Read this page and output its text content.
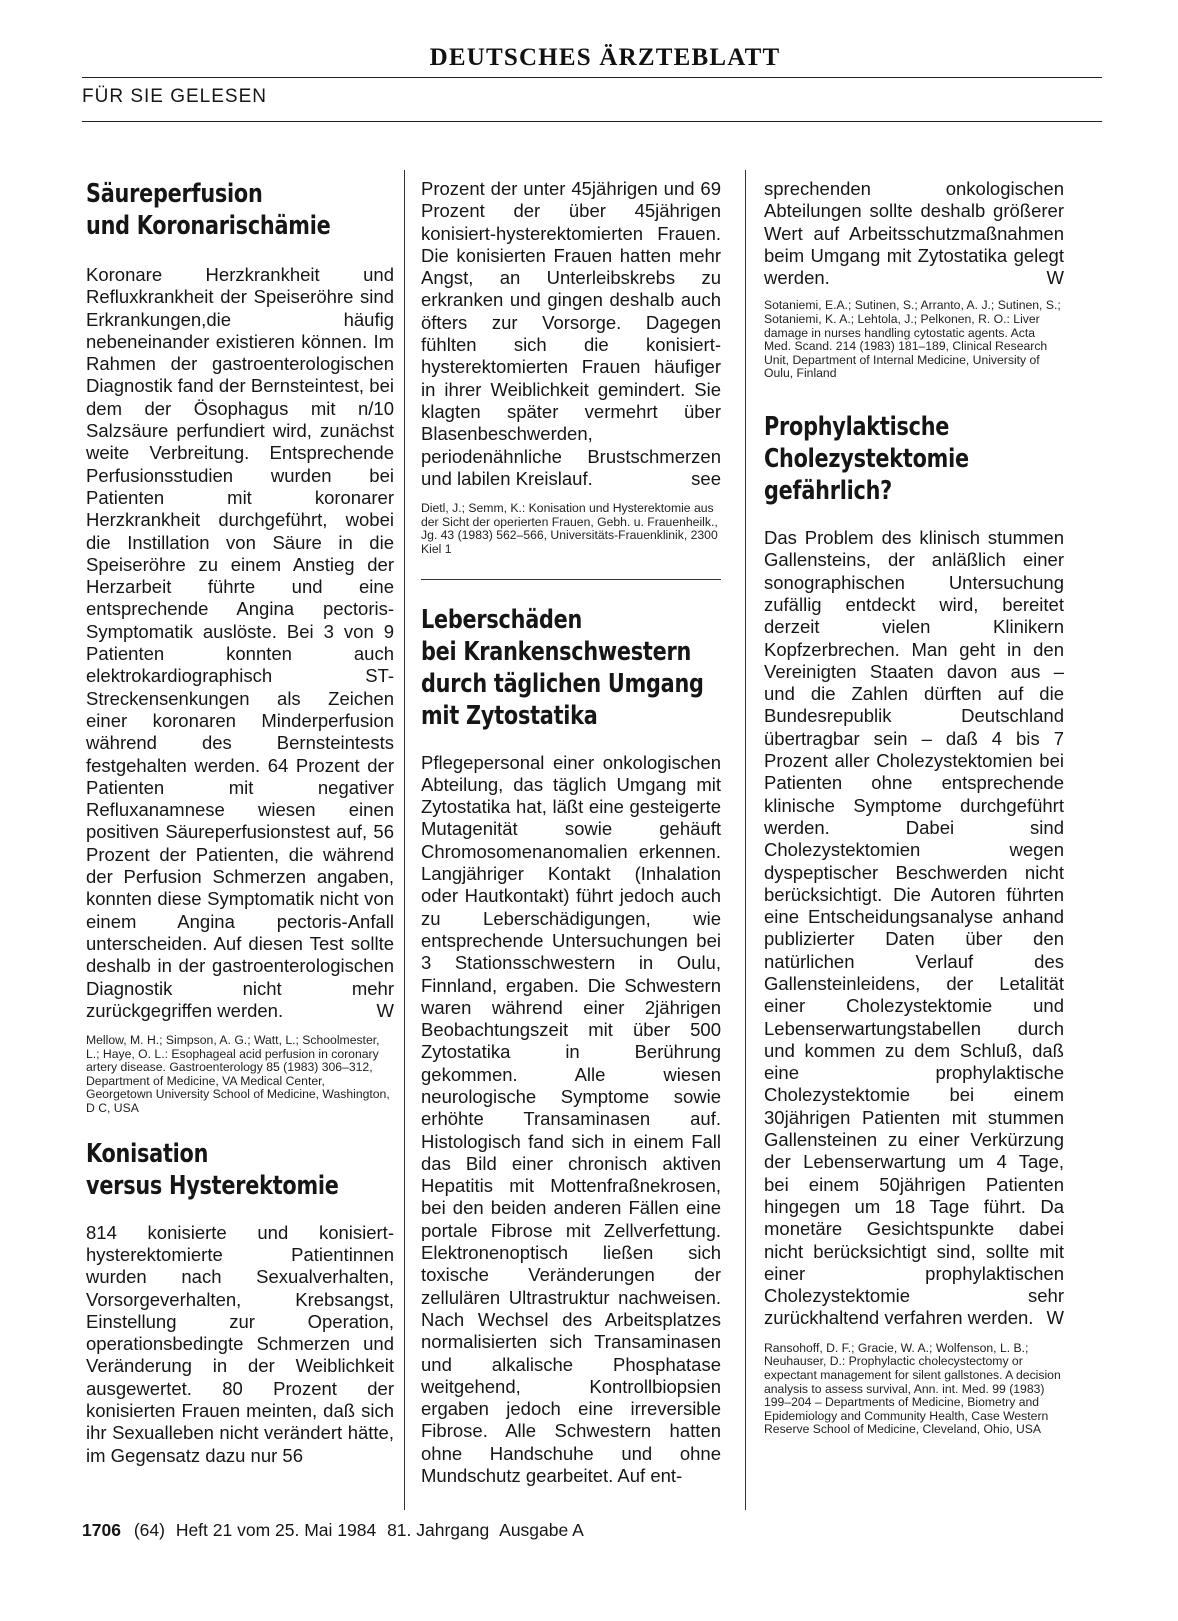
DEUTSCHES ÄRZTEBLATT
FÜR SIE GELESEN
Säureperfusion
und Koronarischämie

Koronare Herzkrankheit und Refluxkrankheit der Speiseröhre sind Erkrankungen,die häufig nebeneinander existieren können. Im Rahmen der gastroenterologischen Diagnostik fand der Bernsteintest, bei dem der Ösophagus mit n/10 Salzsäure perfundiert wird, zunächst weite Verbreitung. Entsprechende Perfusionsstudien wurden bei Patienten mit koronarer Herzkrankheit durchgeführt, wobei die Instillation von Säure in die Speiseröhre zu einem Anstieg der Herzarbeit führte und eine entsprechende Angina pectoris-Symptomatik auslöste. Bei 3 von 9 Patienten konnten auch elektrokardiographisch ST-Streckensenkungen als Zeichen einer koronaren Minderperfusion während des Bernsteintests festgehalten werden. 64 Prozent der Patienten mit negativer Refluxanamnese wiesen einen positiven Säureperfusionstest auf, 56 Prozent der Patienten, die während der Perfusion Schmerzen angaben, konnten diese Symptomatik nicht von einem Angina pectoris-Anfall unterscheiden. Auf diesen Test sollte deshalb in der gastroenterologischen Diagnostik nicht mehr zurückgegriffen werden.	W

Mellow, M. H.; Simpson, A. G.; Watt, L.; Schoolmester, L.; Haye, O. L.: Esophageal acid perfusion in coronary artery disease. Gastroenterology 85 (1983) 306–312, Department of Medicine, VA Medical Center, Georgetown University School of Medicine, Washington, D C, USA

Konisation
versus Hysterektomie

814 konisierte und konisiert-hysterektomierte Patientinnen wurden nach Sexualverhalten, Vorsorgeverhalten, Krebsangst, Einstellung zur Operation, operationsbedingte Schmerzen und Veränderung in der Weiblichkeit ausgewertet. 80 Prozent der konisierten Frauen meinten, daß sich ihr Sexualleben nicht verändert hätte, im Gegensatz dazu nur 56

Prozent der unter 45jährigen und 69 Prozent der über 45jährigen konisiert-hysterektomierten Frauen. Die konisierten Frauen hatten mehr Angst, an Unterleibskrebs zu erkranken und gingen deshalb auch öfters zur Vorsorge. Dagegen fühlten sich die konisiert-hysterektomierten Frauen häufiger in ihrer Weiblichkeit gemindert. Sie klagten später vermehrt über Blasenbeschwerden, periodenähnliche Brustschmerzen und labilen Kreislauf.	see

Dietl, J.; Semm, K.: Konisation und Hysterektomie aus der Sicht der operierten Frauen, Gebh. u. Frauenheilk., Jg. 43 (1983) 562–566, Universitäts-Frauenklinik, 2300 Kiel 1

Leberschäden
bei Krankenschwestern
durch täglichen Umgang
mit Zytostatika

Pflegepersonal einer onkologischen Abteilung, das täglich Umgang mit Zytostatika hat, läßt eine gesteigerte Mutagenität sowie gehäuft Chromosomenanomalien erkennen. Langjähriger Kontakt (Inhalation oder Hautkontakt) führt jedoch auch zu Leberschädigungen, wie entsprechende Untersuchungen bei 3 Stationsschwestern in Oulu, Finnland, ergaben. Die Schwestern waren während einer 2jährigen Beobachtungszeit mit über 500 Zytostatika in Berührung gekommen. Alle wiesen neurologische Symptome sowie erhöhte Transaminasen auf. Histologisch fand sich in einem Fall das Bild einer chronisch aktiven Hepatitis mit Mottenfraßnekrosen, bei den beiden anderen Fällen eine portale Fibrose mit Zellverfettung. Elektronenoptisch ließen sich toxische Veränderungen der zellulären Ultrastruktur nachweisen. Nach Wechsel des Arbeitsplatzes normalisierten sich Transaminasen und alkalische Phosphatase weitgehend, Kontrollbiopsien ergaben jedoch eine irreversible Fibrose. Alle Schwestern hatten ohne Handschuhe und ohne Mundschutz gearbeitet. Auf ent-

sprechenden onkologischen Abteilungen sollte deshalb größerer Wert auf Arbeitsschutzmaßnahmen beim Umgang mit Zytostatika gelegt werden.	W

Sotaniemi, E.A.; Sutinen, S.; Arranto, A. J.; Sutinen, S.; Sotaniemi, K. A.; Lehtola, J.; Pelkonen, R. O.: Liver damage in nurses handling cytostatic agents. Acta Med. Scand. 214 (1983) 181–189, Clinical Research Unit, Department of Internal Medicine, University of Oulu, Finland

Prophylaktische
Cholezystektomie
gefährlich?

Das Problem des klinisch stummen Gallensteins, der anläßlich einer sonographischen Untersuchung zufällig entdeckt wird, bereitet derzeit vielen Klinikern Kopfzerbrechen. Man geht in den Vereinigten Staaten davon aus – und die Zahlen dürften auf die Bundesrepublik Deutschland übertragbar sein – daß 4 bis 7 Prozent aller Cholezystektomien bei Patienten ohne entsprechende klinische Symptome durchgeführt werden. Dabei sind Cholezystektomien wegen dyspeptischer Beschwerden nicht berücksichtigt. Die Autoren führten eine Entscheidungsanalyse anhand publizierter Daten über den natürlichen Verlauf des Gallensteinleidens, der Letalität einer Cholezystektomie und Lebenserwartungstabellen durch und kommen zu dem Schluß, daß eine prophylaktische Cholezystektomie bei einem 30jährigen Patienten mit stummen Gallensteinen zu einer Verkürzung der Lebenserwartung um 4 Tage, bei einem 50jährigen Patienten hingegen um 18 Tage führt. Da monetäre Gesichtspunkte dabei nicht berücksichtigt sind, sollte mit einer prophylaktischen Cholezystektomie sehr zurückhaltend verfahren werden. W

Ransohoff, D. F.; Gracie, W. A.; Wolfenson, L. B.; Neuhauser, D.: Prophylactic cholecystectomy or expectant management for silent gallstones. A decision analysis to assess survival, Ann. int. Med. 99 (1983) 199–204 – Departments of Medicine, Biometry and Epidemiology and Community Health, Case Western Reserve School of Medicine, Cleveland, Ohio, USA

1706 (64) Heft 21 vom 25. Mai 1984 81. Jahrgang Ausgabe A
